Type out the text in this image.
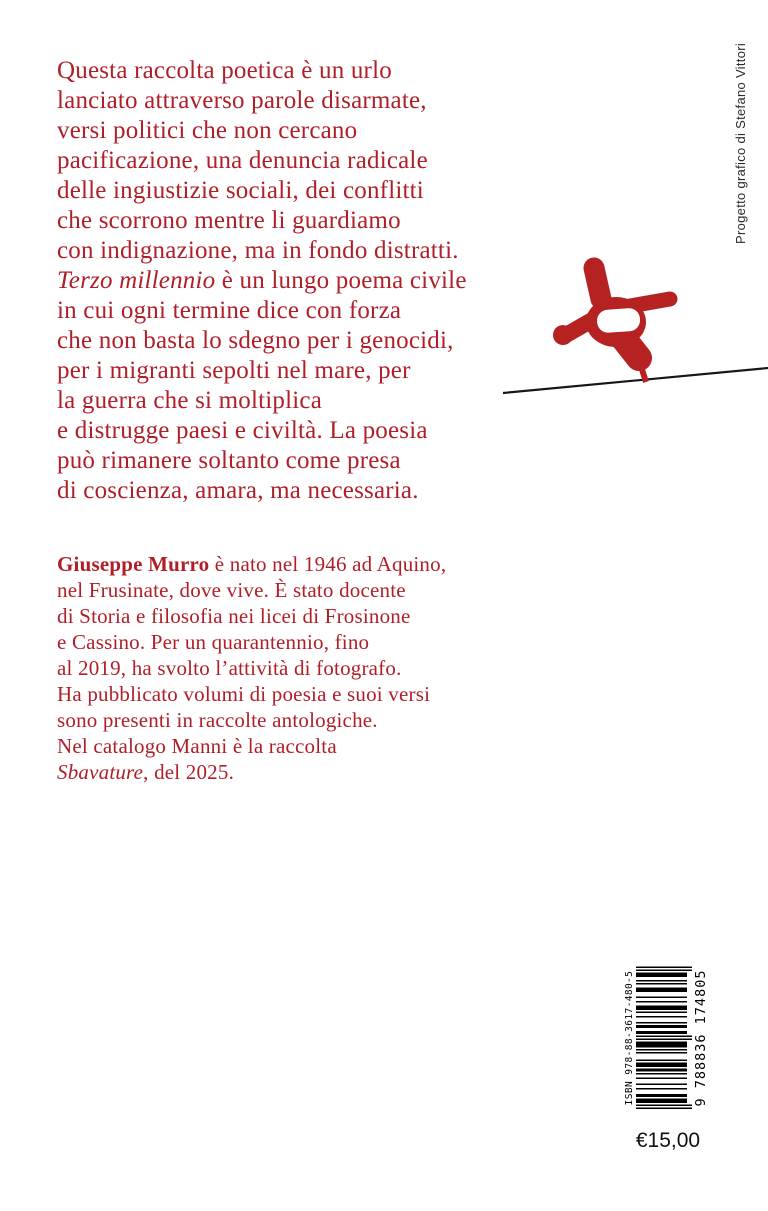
Questa raccolta poetica è un urlo
lanciato attraverso parole disarmate,
versi politici che non cercano
pacificazione, una denuncia radicale
delle ingiustizie sociali, dei conflitti
che scorrono mentre li guardiamo
con indignazione, ma in fondo distratti.
Terzo millennio è un lungo poema civile
in cui ogni termine dice con forza
che non basta lo sdegno per i genocidi,
per i migranti sepolti nel mare, per
la guerra che si moltiplica
e distrugge paesi e civiltà. La poesia
può rimanere soltanto come presa
di coscienza, amara, ma necessaria.
Giuseppe Murro è nato nel 1946 ad Aquino,
nel Frusinate, dove vive. È stato docente
di Storia e filosofia nei licei di Frosinone
e Cassino. Per un quarantennio, fino
al 2019, ha svolto l’attività di fotografo.
Ha pubblicato volumi di poesia e suoi versi
sono presenti in raccolte antologiche.
Nel catalogo Manni è la raccolta
Sbavature, del 2025.
Progetto grafico di Stefano Vittori
ISBN 978-88-3617-480-5	9 788836 174805
€15,00
